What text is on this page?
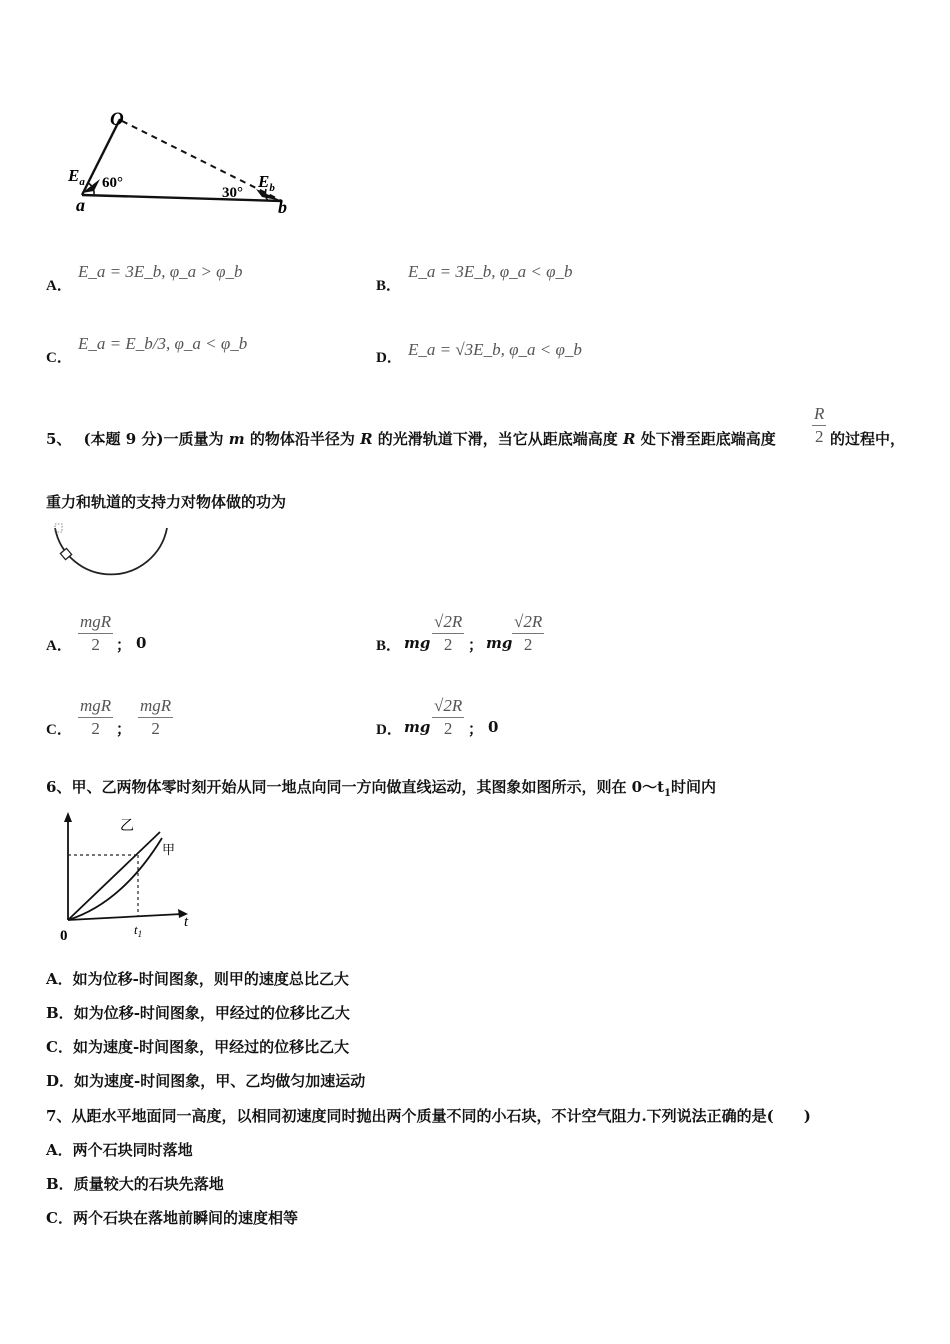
O
$E_a$ 60°
a
30°
$E_b$
b
A．
E_a = 3E_b, φ_a > φ_b
B．
E_a = 3E_b, φ_a < φ_b
C．
E_a = E_b/3, φ_a < φ_b
D． E_a = √3E_b, φ_a < φ_b
5、 (本题 9 分)一质量为 m 的物体沿半径为 R 的光滑轨道下滑，当它从距底端高度 R 处下滑至距底端高度 $\frac{R}{2}$ 的过程中，
重力和轨道的支持力对物体做的功为
A．
mgR
2	； 0	B． mg $\frac{√2R}{2}$ ； mg $\frac{√2R}{2}$
C．
mgR
2	；
mgR
2	D． mg $\frac{√2R}{2}$ ； 0
6、甲、乙两物体零时刻开始从同一地点向同一方向做直线运动，其图象如图所示，则在 $0\sim t_1$时间内
0
t
$t_1$
乙
甲
A．如为位移-时间图象，则甲的速度总比乙大
B．如为位移-时间图象，甲经过的位移比乙大
C．如为速度-时间图象，甲经过的位移比乙大
D．如为速度-时间图象，甲、乙均做匀加速运动
7、从距水平地面同一高度，以相同初速度同时抛出两个质量不同的小石块，不计空气阻力.下列说法正确的是(　　)
A．两个石块同时落地
B．质量较大的石块先落地
C．两个石块在落地前瞬间的速度相等
